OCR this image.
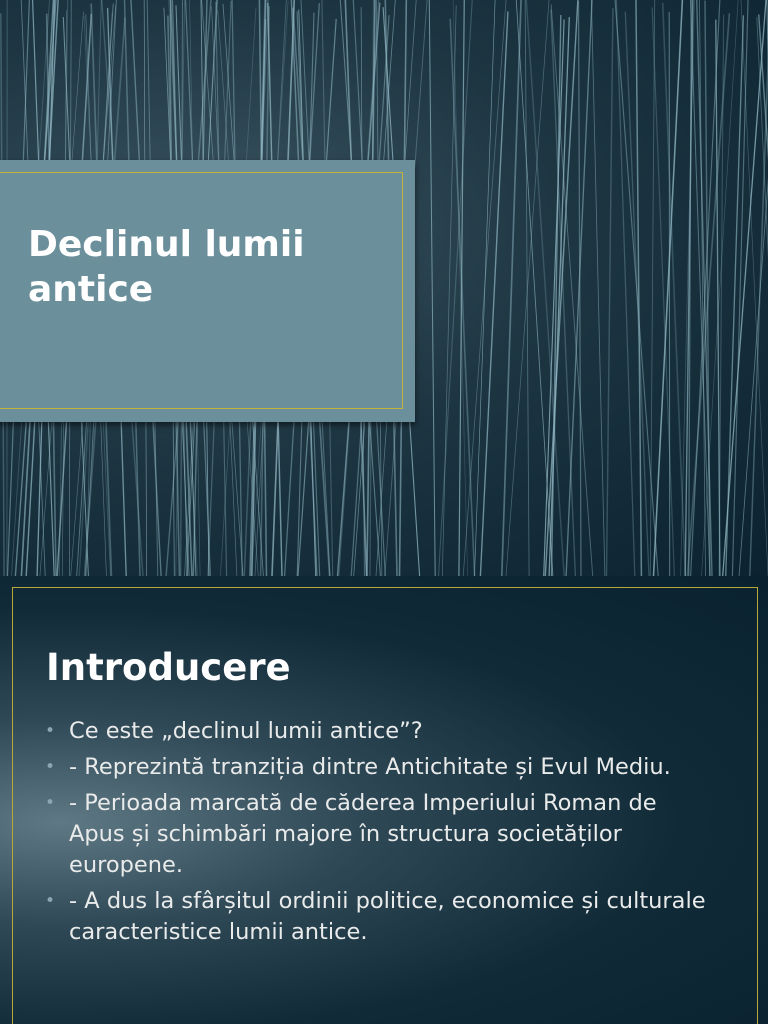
Declinul lumii antice
Introducere
• Ce este „declinul lumii antice”?
• - Reprezintă tranziția dintre Antichitate și Evul Mediu.
• - Perioada marcată de căderea Imperiului Roman de Apus și schimbări majore în structura societăților europene.
• - A dus la sfârșitul ordinii politice, economice și culturale caracteristice lumii antice.
